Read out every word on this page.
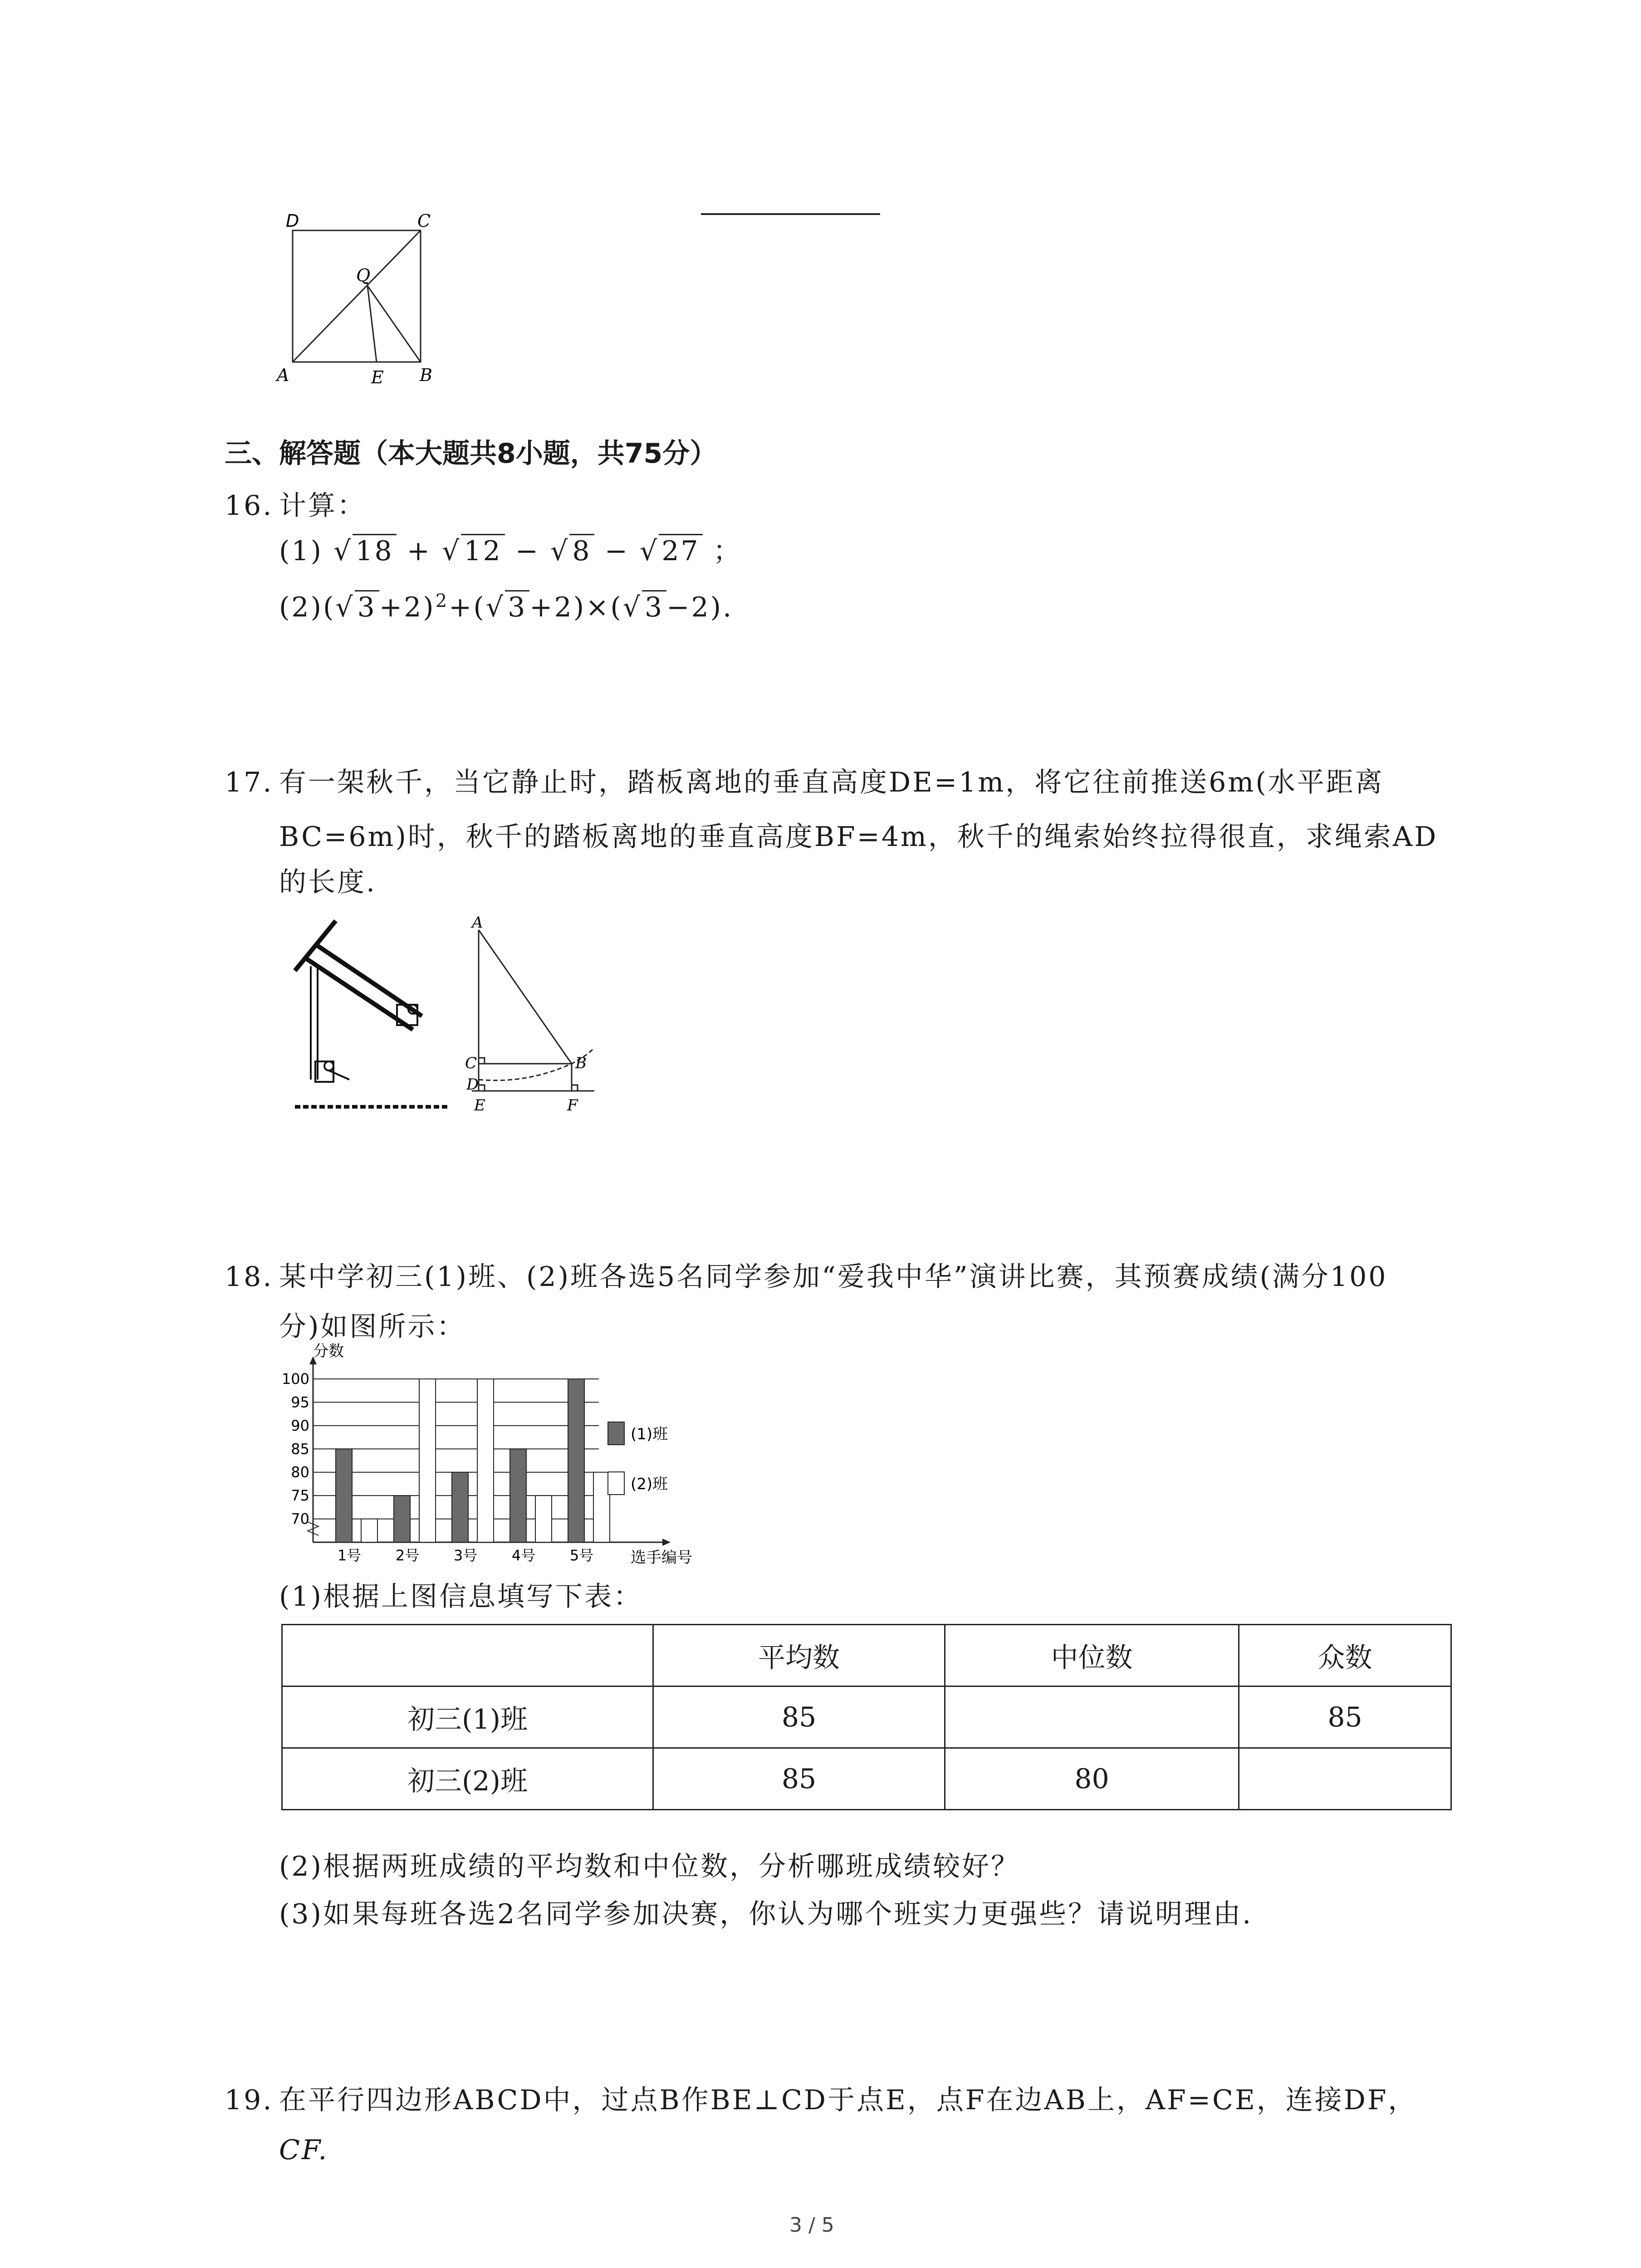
D	C
Q
A	E B
三、解答题（本大题共8小题，共75分）
16. 计算：
(1) √ 18 + √ 12 − √ 8 − √ 27 ；
(2)(√ 3 +2)$^2$+(√ 3 +2)×(√ 3 −2).
17. 有一架秋千，当它静止时，踏板离地的垂直高度DE=1m，将它往前推送6m(水平距离
BC=6m)时，秋千的踏板离地的垂直高度BF=4m，秋千的绳索始终拉得很直，求绳索AD
的长度.
A
C	B
D
E	F
18. 某中学初三(1)班、(2)班各选5名同学参加“爱我中华”演讲比赛，其预赛成绩(满分100
分)如图所示：
分数
选手编号
70
75
80
85
90
95
100
1号 2号 3号 4号 5号
(1)班
(2)班
(1)根据上图信息填写下表：
	平均数	中位数	众数
初三(1)班	85		85
初三(2)班	85	80	
(2)根据两班成绩的平均数和中位数，分析哪班成绩较好？
(3)如果每班各选2名同学参加决赛，你认为哪个班实力更强些？请说明理由.
19. 在平行四边形ABCD中，过点B作BE⊥CD于点E，点F在边AB上，AF=CE，连接DF，
CF.
3 / 5
